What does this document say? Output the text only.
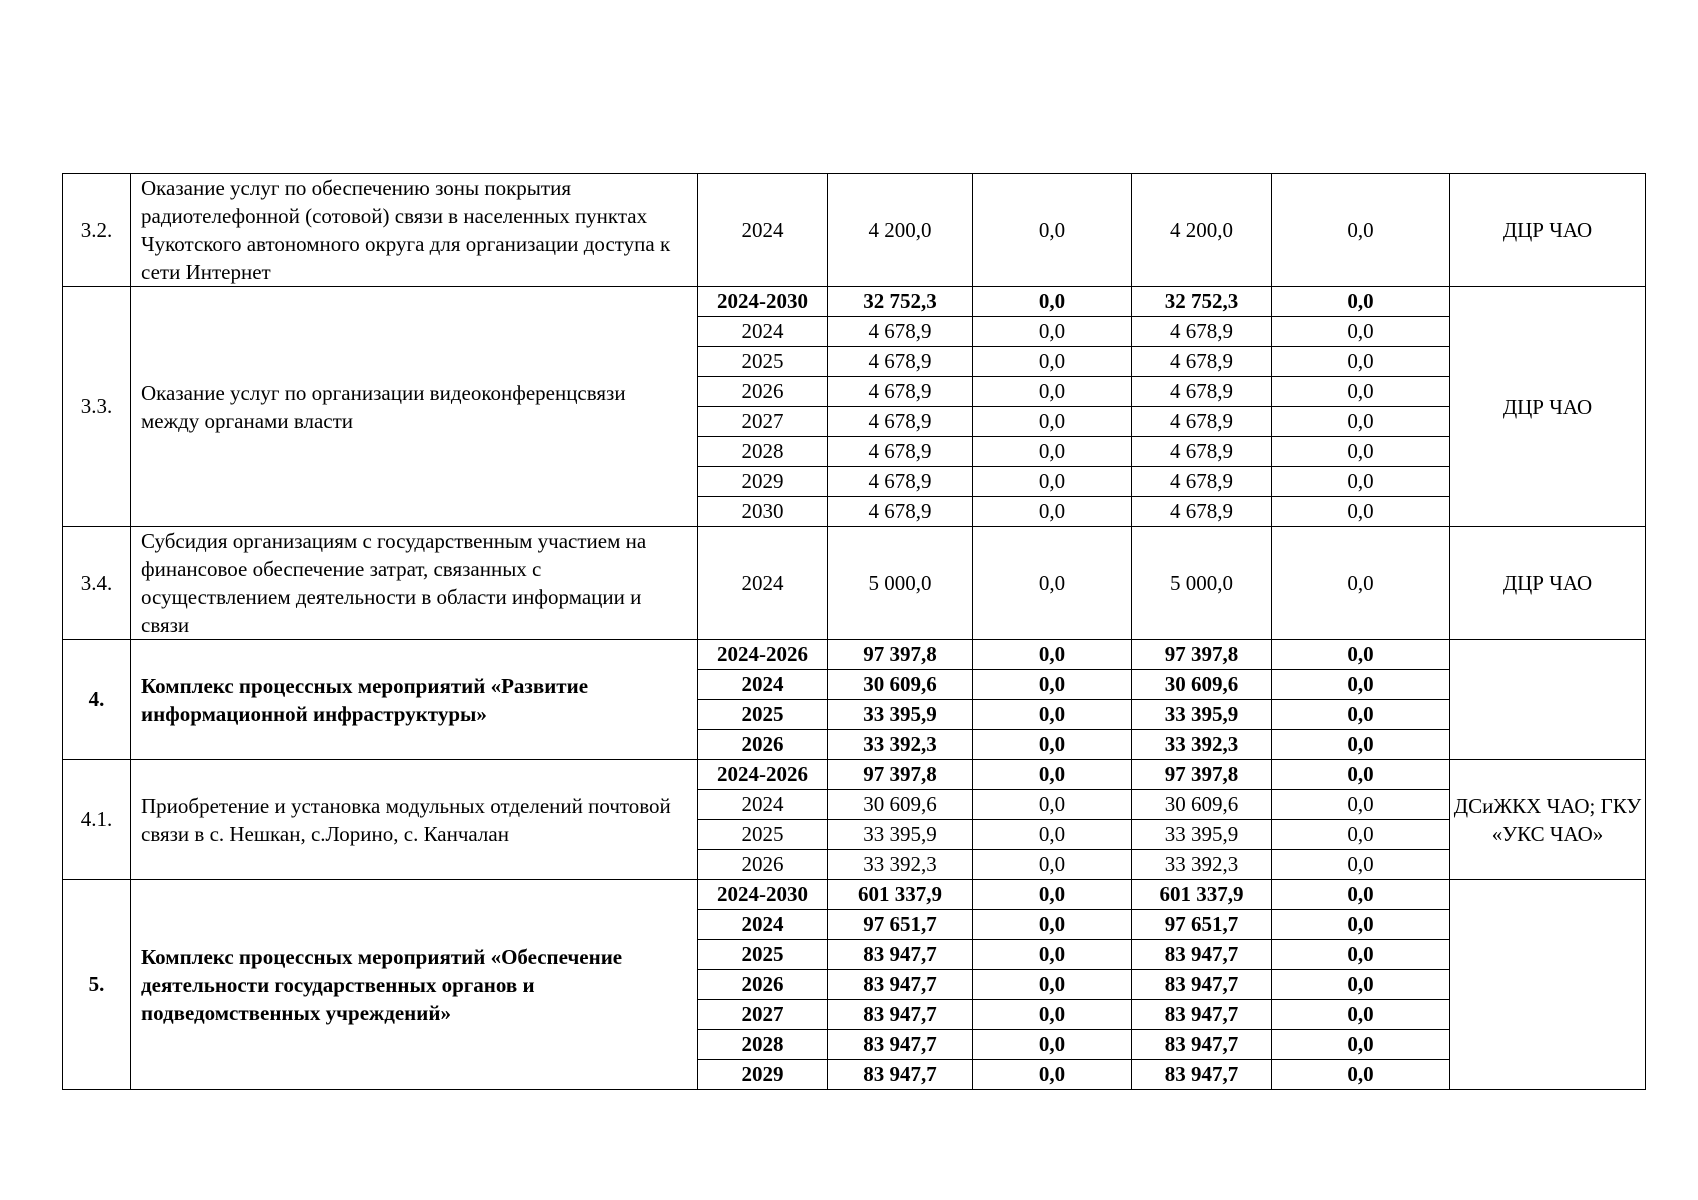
3.2.	Оказание услуг по обеспечению зоны покрытия радиотелефонной (сотовой) связи в населенных пунктах Чукотского автономного округа для организации доступа к сети Интернет	2024	4 200,0	0,0	4 200,0	0,0	ДЦР ЧАО
3.3.	Оказание услуг по организации видеоконференцсвязи между органами власти	2024-2030	32 752,3	0,0	32 752,3	0,0	ДЦР ЧАО
		2024	4 678,9	0,0	4 678,9	0,0	
		2025	4 678,9	0,0	4 678,9	0,0	
		2026	4 678,9	0,0	4 678,9	0,0	
		2027	4 678,9	0,0	4 678,9	0,0	
		2028	4 678,9	0,0	4 678,9	0,0	
		2029	4 678,9	0,0	4 678,9	0,0	
		2030	4 678,9	0,0	4 678,9	0,0	
3.4.	Субсидия организациям с государственным участием на финансовое обеспечение затрат, связанных с осуществлением деятельности в области информации и связи	2024	5 000,0	0,0	5 000,0	0,0	ДЦР ЧАО
4.	Комплекс процессных мероприятий «Развитие информационной инфраструктуры»	2024-2026	97 397,8	0,0	97 397,8	0,0	
		2024	30 609,6	0,0	30 609,6	0,0	
		2025	33 395,9	0,0	33 395,9	0,0	
		2026	33 392,3	0,0	33 392,3	0,0	
4.1.	Приобретение и установка модульных отделений почтовой связи в с. Нешкан, с.Лорино, с. Канчалан	2024-2026	97 397,8	0,0	97 397,8	0,0	ДСиЖКХ ЧАО; ГКУ «УКС ЧАО»
		2024	30 609,6	0,0	30 609,6	0,0	
		2025	33 395,9	0,0	33 395,9	0,0	
		2026	33 392,3	0,0	33 392,3	0,0	
5.	Комплекс процессных мероприятий «Обеспечение деятельности государственных органов и подведомственных учреждений»	2024-2030	601 337,9	0,0	601 337,9	0,0	
		2024	97 651,7	0,0	97 651,7	0,0	
		2025	83 947,7	0,0	83 947,7	0,0	
		2026	83 947,7	0,0	83 947,7	0,0	
		2027	83 947,7	0,0	83 947,7	0,0	
		2028	83 947,7	0,0	83 947,7	0,0	
		2029	83 947,7	0,0	83 947,7	0,0	
